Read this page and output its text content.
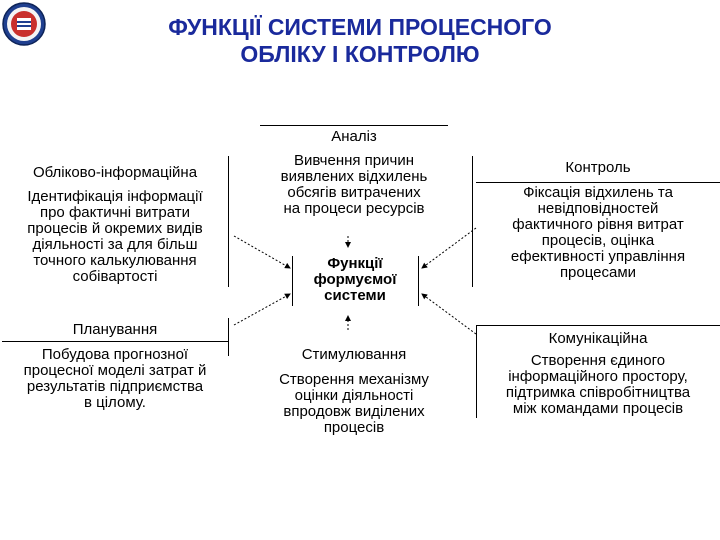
ФУНКЦІЇ СИСТЕМИ ПРОЦЕСНОГО
ОБЛІКУ І КОНТРОЛЮ
Аналіз
Вивчення причин
виявлених відхилень
обсягів витрачених
на процеси ресурсів
Обліково-інформаційна
Ідентифікація інформації
про фактичні витрати
процесів й окремих видів
діяльності за для більш
точного калькулювання
собівартості
Контроль
Фіксація відхилень та
невідповідностей
фактичного рівня витрат
процесів, оцінка
ефективності управління
процесами
Функції
формуємої
системи
Планування
Побудова прогнозної
процесної моделі затрат й
результатів підприємства
в цілому.
Стимулювання
Створення механізму
оцінки діяльності
впродовж виділених
процесів
Комунікаційна
Створення єдиного
інформаційного простору,
підтримка співробітництва
між командами процесів
